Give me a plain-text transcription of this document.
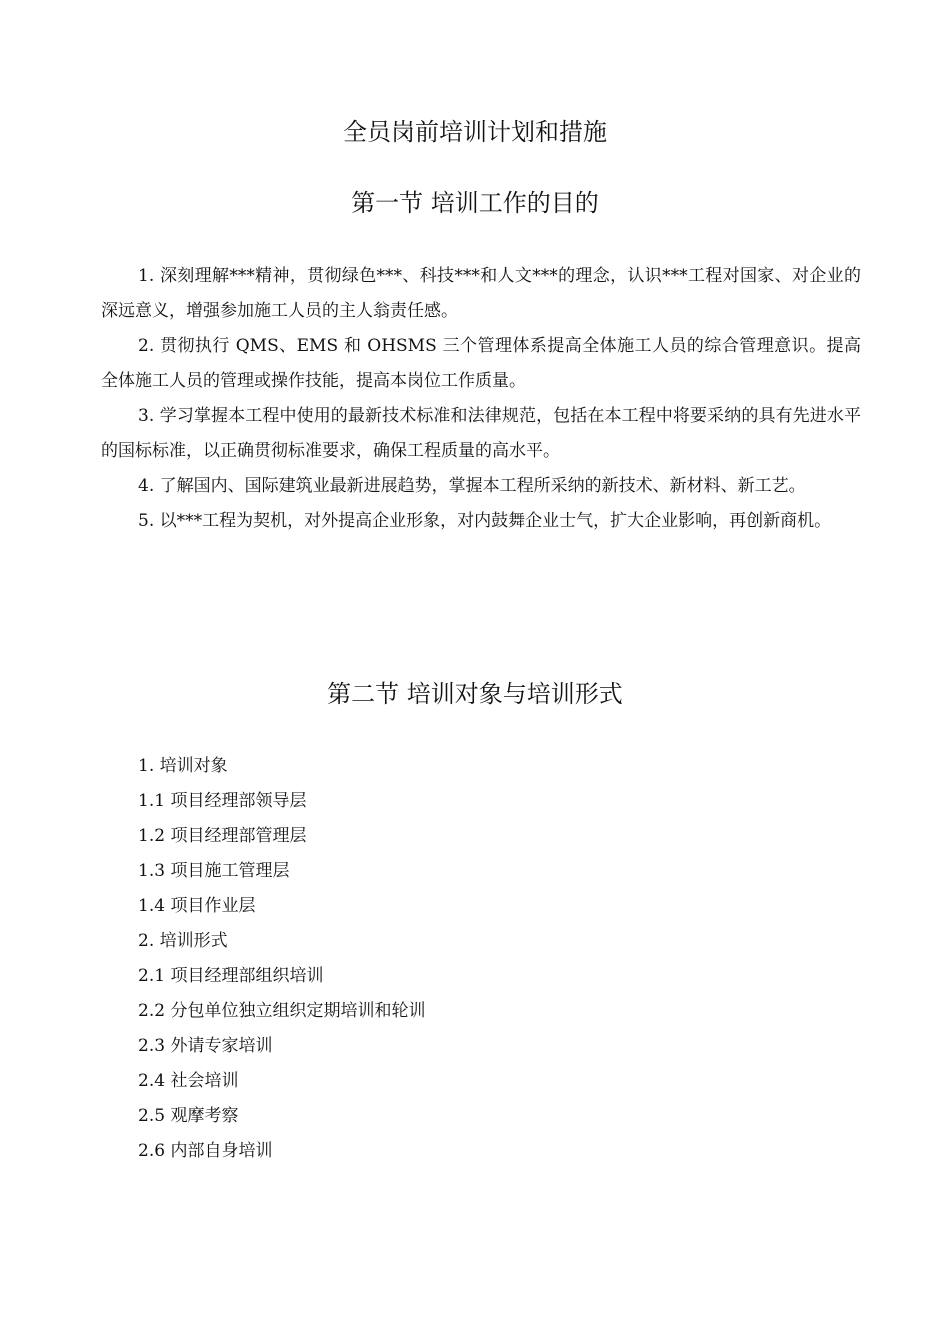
全员岗前培训计划和措施
第一节 培训工作的目的

1. 深刻理解***精神，贯彻绿色***、科技***和人文***的理念，认识***工程对国家、对企业的深远意义，增强参加施工人员的主人翁责任感。

2. 贯彻执行 QMS、EMS 和 OHSMS 三个管理体系提高全体施工人员的综合管理意识。提高全体施工人员的管理或操作技能，提高本岗位工作质量。

3. 学习掌握本工程中使用的最新技术标准和法律规范，包括在本工程中将要采纳的具有先进水平的国标标准，以正确贯彻标准要求，确保工程质量的高水平。

4. 了解国内、国际建筑业最新进展趋势，掌握本工程所采纳的新技术、新材料、新工艺。

5. 以***工程为契机，对外提高企业形象，对内鼓舞企业士气，扩大企业影响，再创新商机。

第二节 培训对象与培训形式
1. 培训对象
1.1 项目经理部领导层
1.2 项目经理部管理层
1.3 项目施工管理层
1.4 项目作业层
2. 培训形式
2.1 项目经理部组织培训
2.2 分包单位独立组织定期培训和轮训
2.3 外请专家培训
2.4 社会培训
2.5 观摩考察
2.6 内部自身培训
